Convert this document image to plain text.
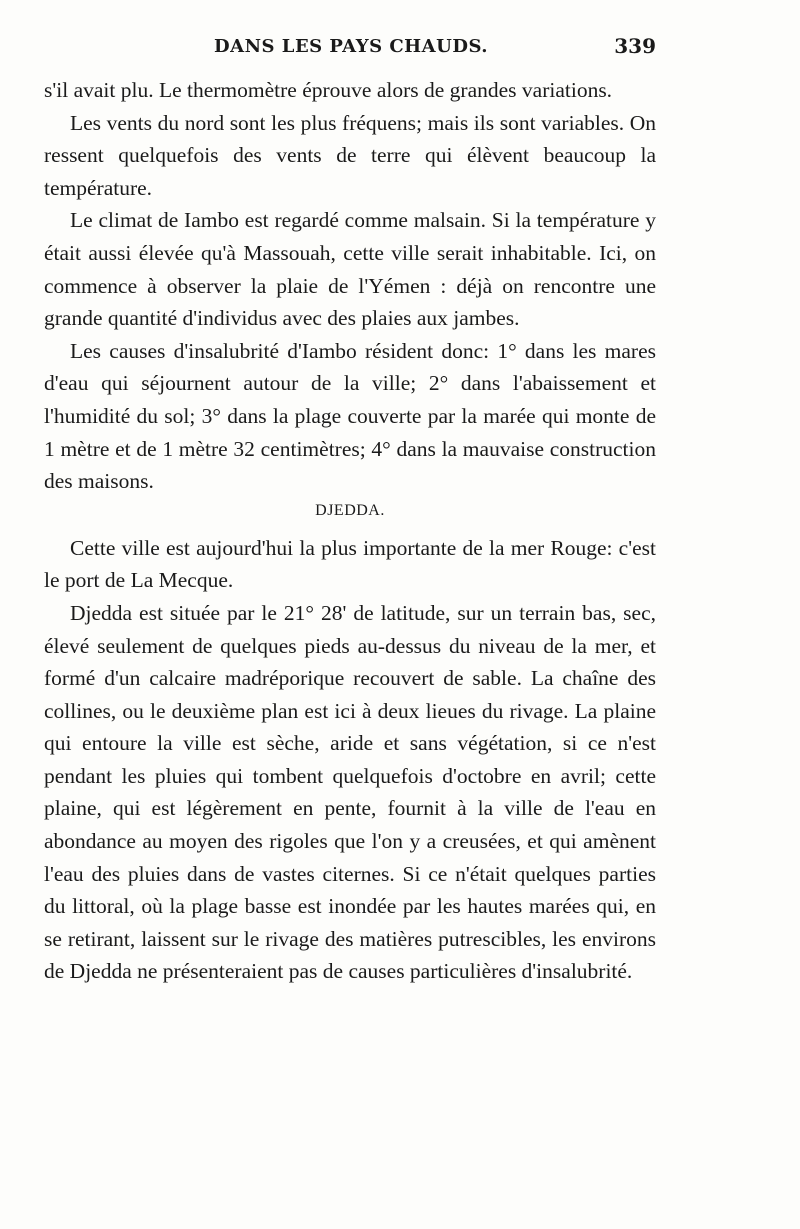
DANS LES PAYS CHAUDS.	339

s'il avait plu. Le thermomètre éprouve alors de grandes variations.

Les vents du nord sont les plus fréquens; mais ils sont variables. On ressent quelquefois des vents de terre qui élèvent beaucoup la température.

Le climat de Iambo est regardé comme malsain. Si la température y était aussi élevée qu'à Massouah, cette ville serait inhabitable. Ici, on commence à observer la plaie de l'Yémen : déjà on rencontre une grande quantité d'individus avec des plaies aux jambes.

Les causes d'insalubrité d'Iambo résident donc: 1° dans les mares d'eau qui séjournent autour de la ville; 2° dans l'abaissement et l'humidité du sol; 3° dans la plage couverte par la marée qui monte de 1 mètre et de 1 mètre 32 centimètres; 4° dans la mauvaise construction des maisons.

DJEDDA.

Cette ville est aujourd'hui la plus importante de la mer Rouge: c'est le port de La Mecque.

Djedda est située par le 21° 28' de latitude, sur un terrain bas, sec, élevé seulement de quelques pieds au-dessus du niveau de la mer, et formé d'un calcaire madréporique recouvert de sable. La chaîne des collines, ou le deuxième plan est ici à deux lieues du rivage. La plaine qui entoure la ville est sèche, aride et sans végétation, si ce n'est pendant les pluies qui tombent quelquefois d'octobre en avril; cette plaine, qui est légèrement en pente, fournit à la ville de l'eau en abondance au moyen des rigoles que l'on y a creusées, et qui amènent l'eau des pluies dans de vastes citernes. Si ce n'était quelques parties du littoral, où la plage basse est inondée par les hautes marées qui, en se retirant, laissent sur le rivage des matières putrescibles, les environs de Djedda ne présenteraient pas de causes particulières d'insalubrité.
